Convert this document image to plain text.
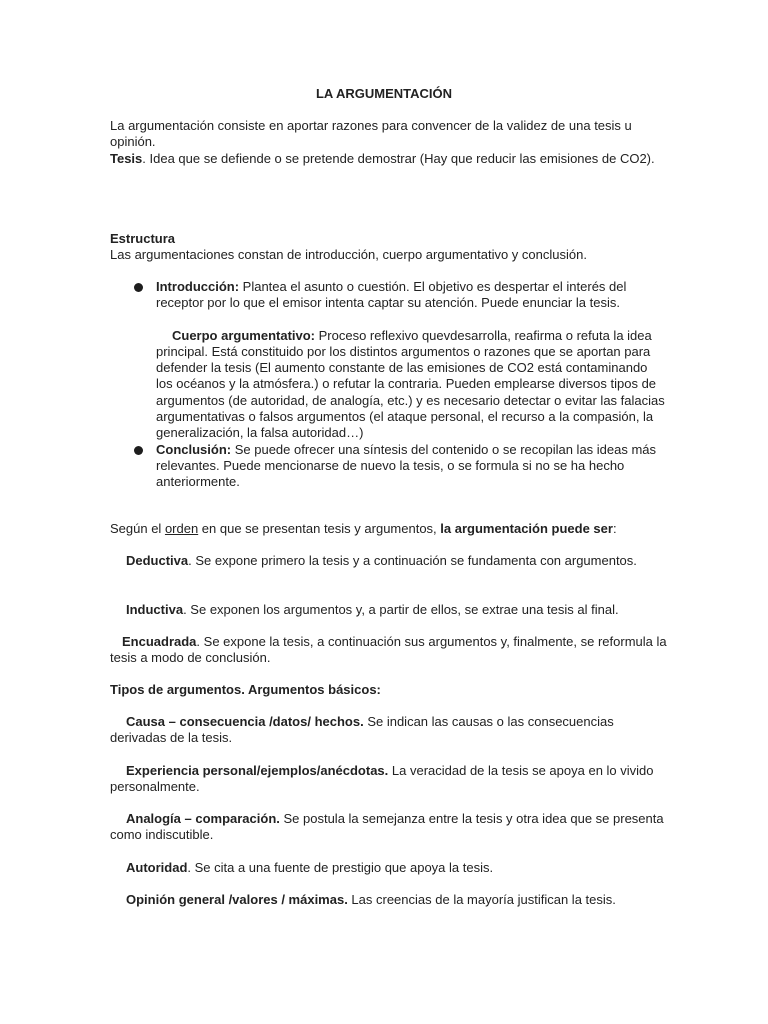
LA ARGUMENTACIÓN
La argumentación consiste en aportar razones para convencer de la validez de una tesis u opinión.
Tesis. Idea que se defiende o se pretende demostrar (Hay que reducir las emisiones de CO2).
Estructura
Las argumentaciones constan de introducción, cuerpo argumentativo y conclusión.
Introducción: Plantea el asunto o cuestión. El objetivo es despertar el interés del receptor por lo que el emisor intenta captar su atención. Puede enunciar la tesis.
Cuerpo argumentativo: Proceso reflexivo quevdesarrolla, reafirma o refuta la idea principal. Está constituido por los distintos argumentos o razones que se aportan para defender la tesis (El aumento constante de las emisiones de CO2 está contaminando los océanos y la atmósfera.) o refutar la contraria. Pueden emplearse diversos tipos de argumentos (de autoridad, de analogía, etc.) y es necesario detectar o evitar las falacias argumentativas o falsos argumentos (el ataque personal, el recurso a la compasión, la generalización, la falsa autoridad…)
Conclusión: Se puede ofrecer una síntesis del contenido o se recopilan las ideas más relevantes. Puede mencionarse de nuevo la tesis, o se formula si no se ha hecho anteriormente.
Según el orden en que se presentan tesis y argumentos, la argumentación puede ser:
Deductiva. Se expone primero la tesis y a continuación se fundamenta con argumentos.
Inductiva. Se exponen los argumentos y, a partir de ellos, se extrae una tesis al final.
Encuadrada. Se expone la tesis, a continuación sus argumentos y, finalmente, se reformula la tesis a modo de conclusión.
Tipos de argumentos. Argumentos básicos:
Causa – consecuencia /datos/ hechos. Se indican las causas o las consecuencias derivadas de la tesis.
Experiencia personal/ejemplos/anécdotas. La veracidad de la tesis se apoya en lo vivido personalmente.
Analogía – comparación. Se postula la semejanza entre la tesis y otra idea que se presenta como indiscutible.
Autoridad. Se cita a una fuente de prestigio que apoya la tesis.
Opinión general /valores / máximas. Las creencias de la mayoría justifican la tesis.
